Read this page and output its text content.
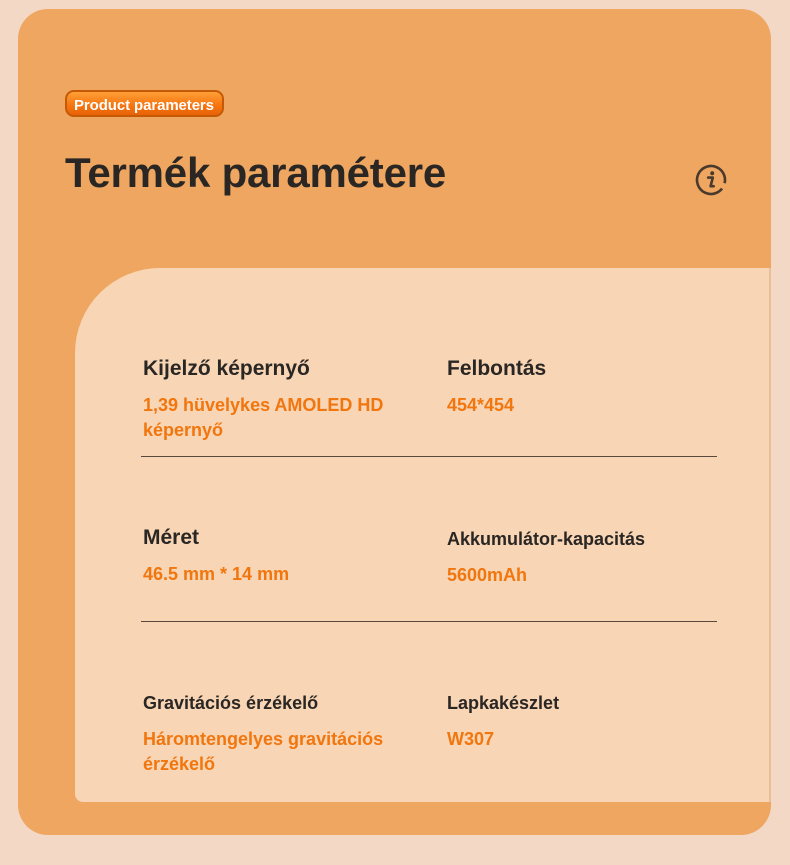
Product parameters
Termék paramétere

Kijelző képernyő

1,39 hüvelykes AMOLED HD képernyő

Felbontás

454*454

Méret

46.5 mm * 14 mm

Akkumulátor-kapacitás

5600mAh

Gravitációs érzékelő

Háromtengelyes gravitációs érzékelő

Lapkakészlet

W307
